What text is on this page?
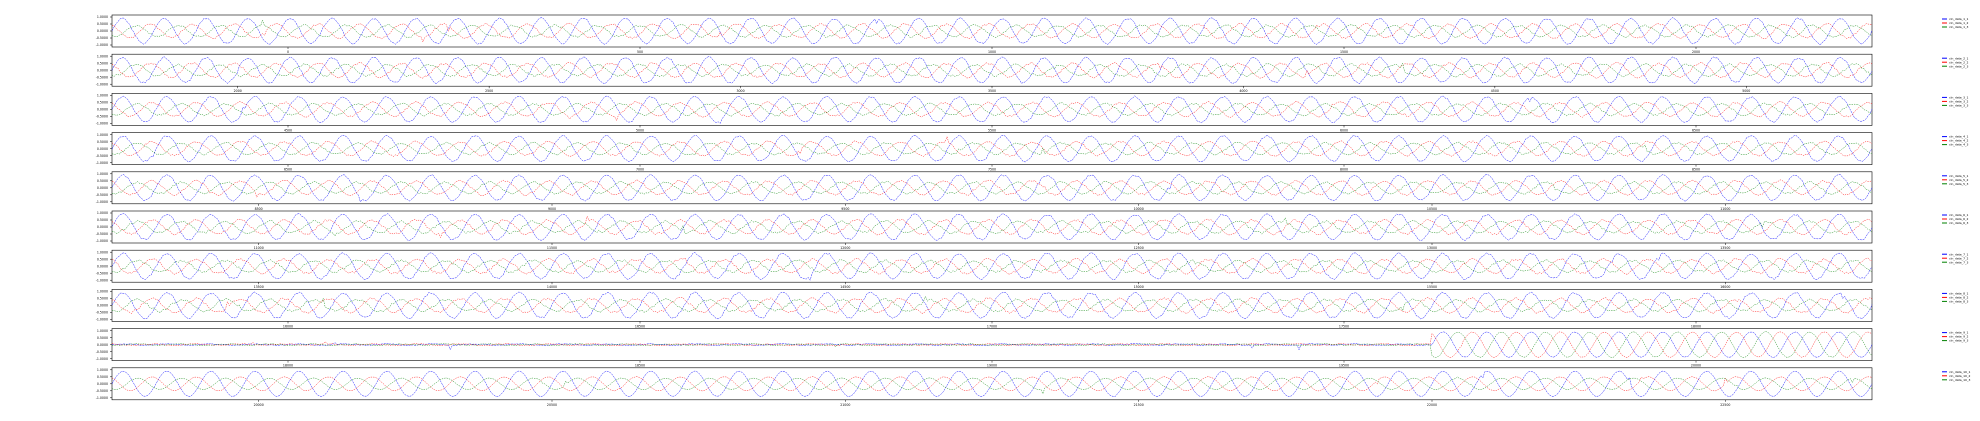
1.0000
0.5000
0.0000
-0.5000
-1.0000
0	500	1000	1500	2000
cln_data_1_1
cln_data_1_2
cln_data_1_3
1.0000
0.5000
0.0000
-0.5000
-1.0000
2000	2500	3000	3500	4000	4500	5000
cln_data_2_1
cln_data_2_2
cln_data_2_3
1.0000
0.5000
0.0000
-0.5000
-1.0000
4500	5000	5500	6000	6500
cln_data_3_1
cln_data_3_2
cln_data_3_3
1.0000
0.5000
0.0000
-0.5000
-1.0000
6500	7000	7500	8000	8500
cln_data_4_1
cln_data_4_2
cln_data_4_3
1.0000
0.5000
0.0000
-0.5000
-1.0000
8500	9000	9500	10000	10500	11000
cln_data_5_1
cln_data_5_2
cln_data_5_3
1.0000
0.5000
0.0000
-0.5000
-1.0000
11000	11500	12000	12500	13000	13500
cln_data_6_1
cln_data_6_2
cln_data_6_3
1.0000
0.5000
0.0000
-0.5000
-1.0000
13500	14000	14500	15000	15500	16000
cln_data_7_1
cln_data_7_2
cln_data_7_3
1.0000
0.5000
0.0000
-0.5000
-1.0000
16000	16500	17000	17500	18000
cln_data_8_1
cln_data_8_2
cln_data_8_3
1.0000
0.5000
0.0000
-0.5000
-1.0000
18000	18500	19000	19500	20000
cln_data_9_1
cln_data_9_2
cln_data_9_3
1.0000
0.5000
0.0000
-0.5000
-1.0000
20000	20500	21000	21500	22000	22500
cln_data_10_1
cln_data_10_2
cln_data_10_3
